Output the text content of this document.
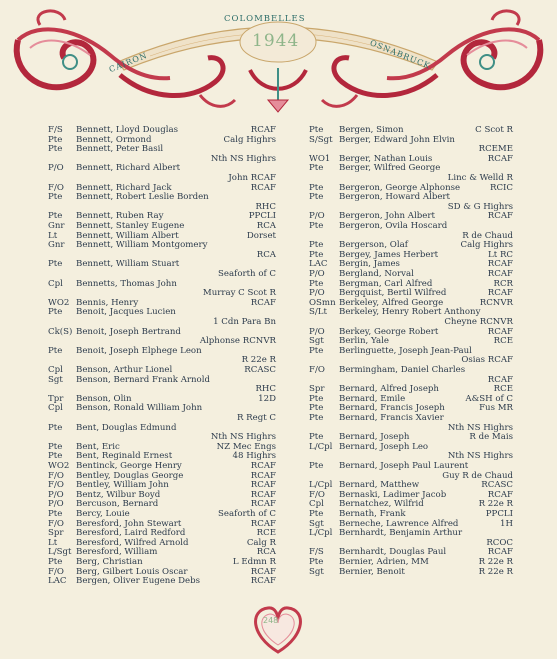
CAIRON
COLOMBELLES
OSNABRUCK
1944
F/S Bennett, Lloyd Douglas	RCAF
Pte Bennett, Ormond	Calg Highrs
Pte Bennett, Peter Basil
Nth NS Highrs
P/O Bennett, Richard Albert
John RCAF
F/O Bennett, Richard Jack	RCAF
Pte Bennett, Robert Leslie Borden
RHC
Pte Bennett, Ruben Ray	PPCLI
Gnr Bennett, Stanley Eugene	RCA
Lt Bennett, William Albert	Dorset
Gnr Bennett, William Montgomery
RCA
Pte Bennett, William Stuart
Seaforth of C
Cpl Bennetts, Thomas John
Murray C Scot R
WO2 Bennis, Henry	RCAF
Pte Benoit, Jacques Lucien
1 Cdn Para Bn
Ck(S) Benoit, Joseph Bertrand
Alphonse RCNVR
Pte Benoit, Joseph Elphege Leon
R 22e R
Cpl Benson, Arthur Lionel	RCASC
Sgt Benson, Bernard Frank Arnold
RHC
Tpr Benson, Olin	12D
Cpl Benson, Ronald William John
R Regt C
Pte Bent, Douglas Edmund
Nth NS Highrs
Pte Bent, Eric	NZ Mec Engs
Pte Bent, Reginald Ernest	48 Highrs
WO2 Bentinck, George Henry	RCAF
F/O Bentley, Douglas George	RCAF
F/O Bentley, William John	RCAF
P/O Bentz, Wilbur Boyd	RCAF
P/O Bercuson, Bernard	RCAF
Pte Bercy, Louie	Seaforth of C
F/O Beresford, John Stewart	RCAF
Spr Beresford, Laird Redford	RCE
Lt Beresford, Wilfred Arnold	Calg R
L/Sgt Beresford, William	RCA
Pte Berg, Christian	L Edmn R
F/O Berg, Gilbert Louis Oscar	RCAF
LAC Bergen, Oliver Eugene Debs	RCAF
Pte Bergen, Simon	C Scot R
S/Sgt Berger, Edward John Elvin
RCEME
WO1 Berger, Nathan Louis	RCAF
Pte Berger, Wilfred George
Linc & Welld R
Pte Bergeron, George Alphonse	RCIC
Pte Bergeron, Howard Albert
SD & G Highrs
P/O Bergeron, John Albert	RCAF
Pte Bergeron, Ovila Hoscard
R de Chaud
Pte Bergerson, Olaf	Calg Highrs
Pte Bergey, James Herbert	Lt RC
LAC Bergin, James	RCAF
P/O Bergland, Norval	RCAF
Pte Bergman, Carl Alfred	RCR
P/O Bergquist, Bertil Wilfred	RCAF
OSmn Berkeley, Alfred George	RCNVR
S/Lt Berkeley, Henry Robert Anthony
Cheyne RCNVR
P/O Berkey, George Robert	RCAF
Sgt Berlin, Yale	RCE
Pte Berlinguette, Joseph Jean-Paul
Osias RCAF
F/O Bermingham, Daniel Charles
RCAF
Spr Bernard, Alfred Joseph	RCE
Pte Bernard, Emile	A&SH of C
Pte Bernard, Francis Joseph	Fus MR
Pte Bernard, Francis Xavier
Nth NS Highrs
Pte Bernard, Joseph	R de Mais
L/Cpl Bernard, Joseph Leo
Nth NS Highrs
Pte Bernard, Joseph Paul Laurent
Guy R de Chaud
L/Cpl Bernard, Matthew	RCASC
F/O Bernaski, Ladimer Jacob	RCAF
Cpl Bernatchez, Wilfrid	R 22e R
Pte Bernath, Frank	PPCLI
Sgt Berneche, Lawrence Alfred	1H
L/Cpl Bernhardt, Benjamin Arthur
RCOC
F/S Bernhardt, Douglas Paul	RCAF
Pte Bernier, Adrien, MM	R 22e R
Sgt Bernier, Benoit	R 22e R
248
